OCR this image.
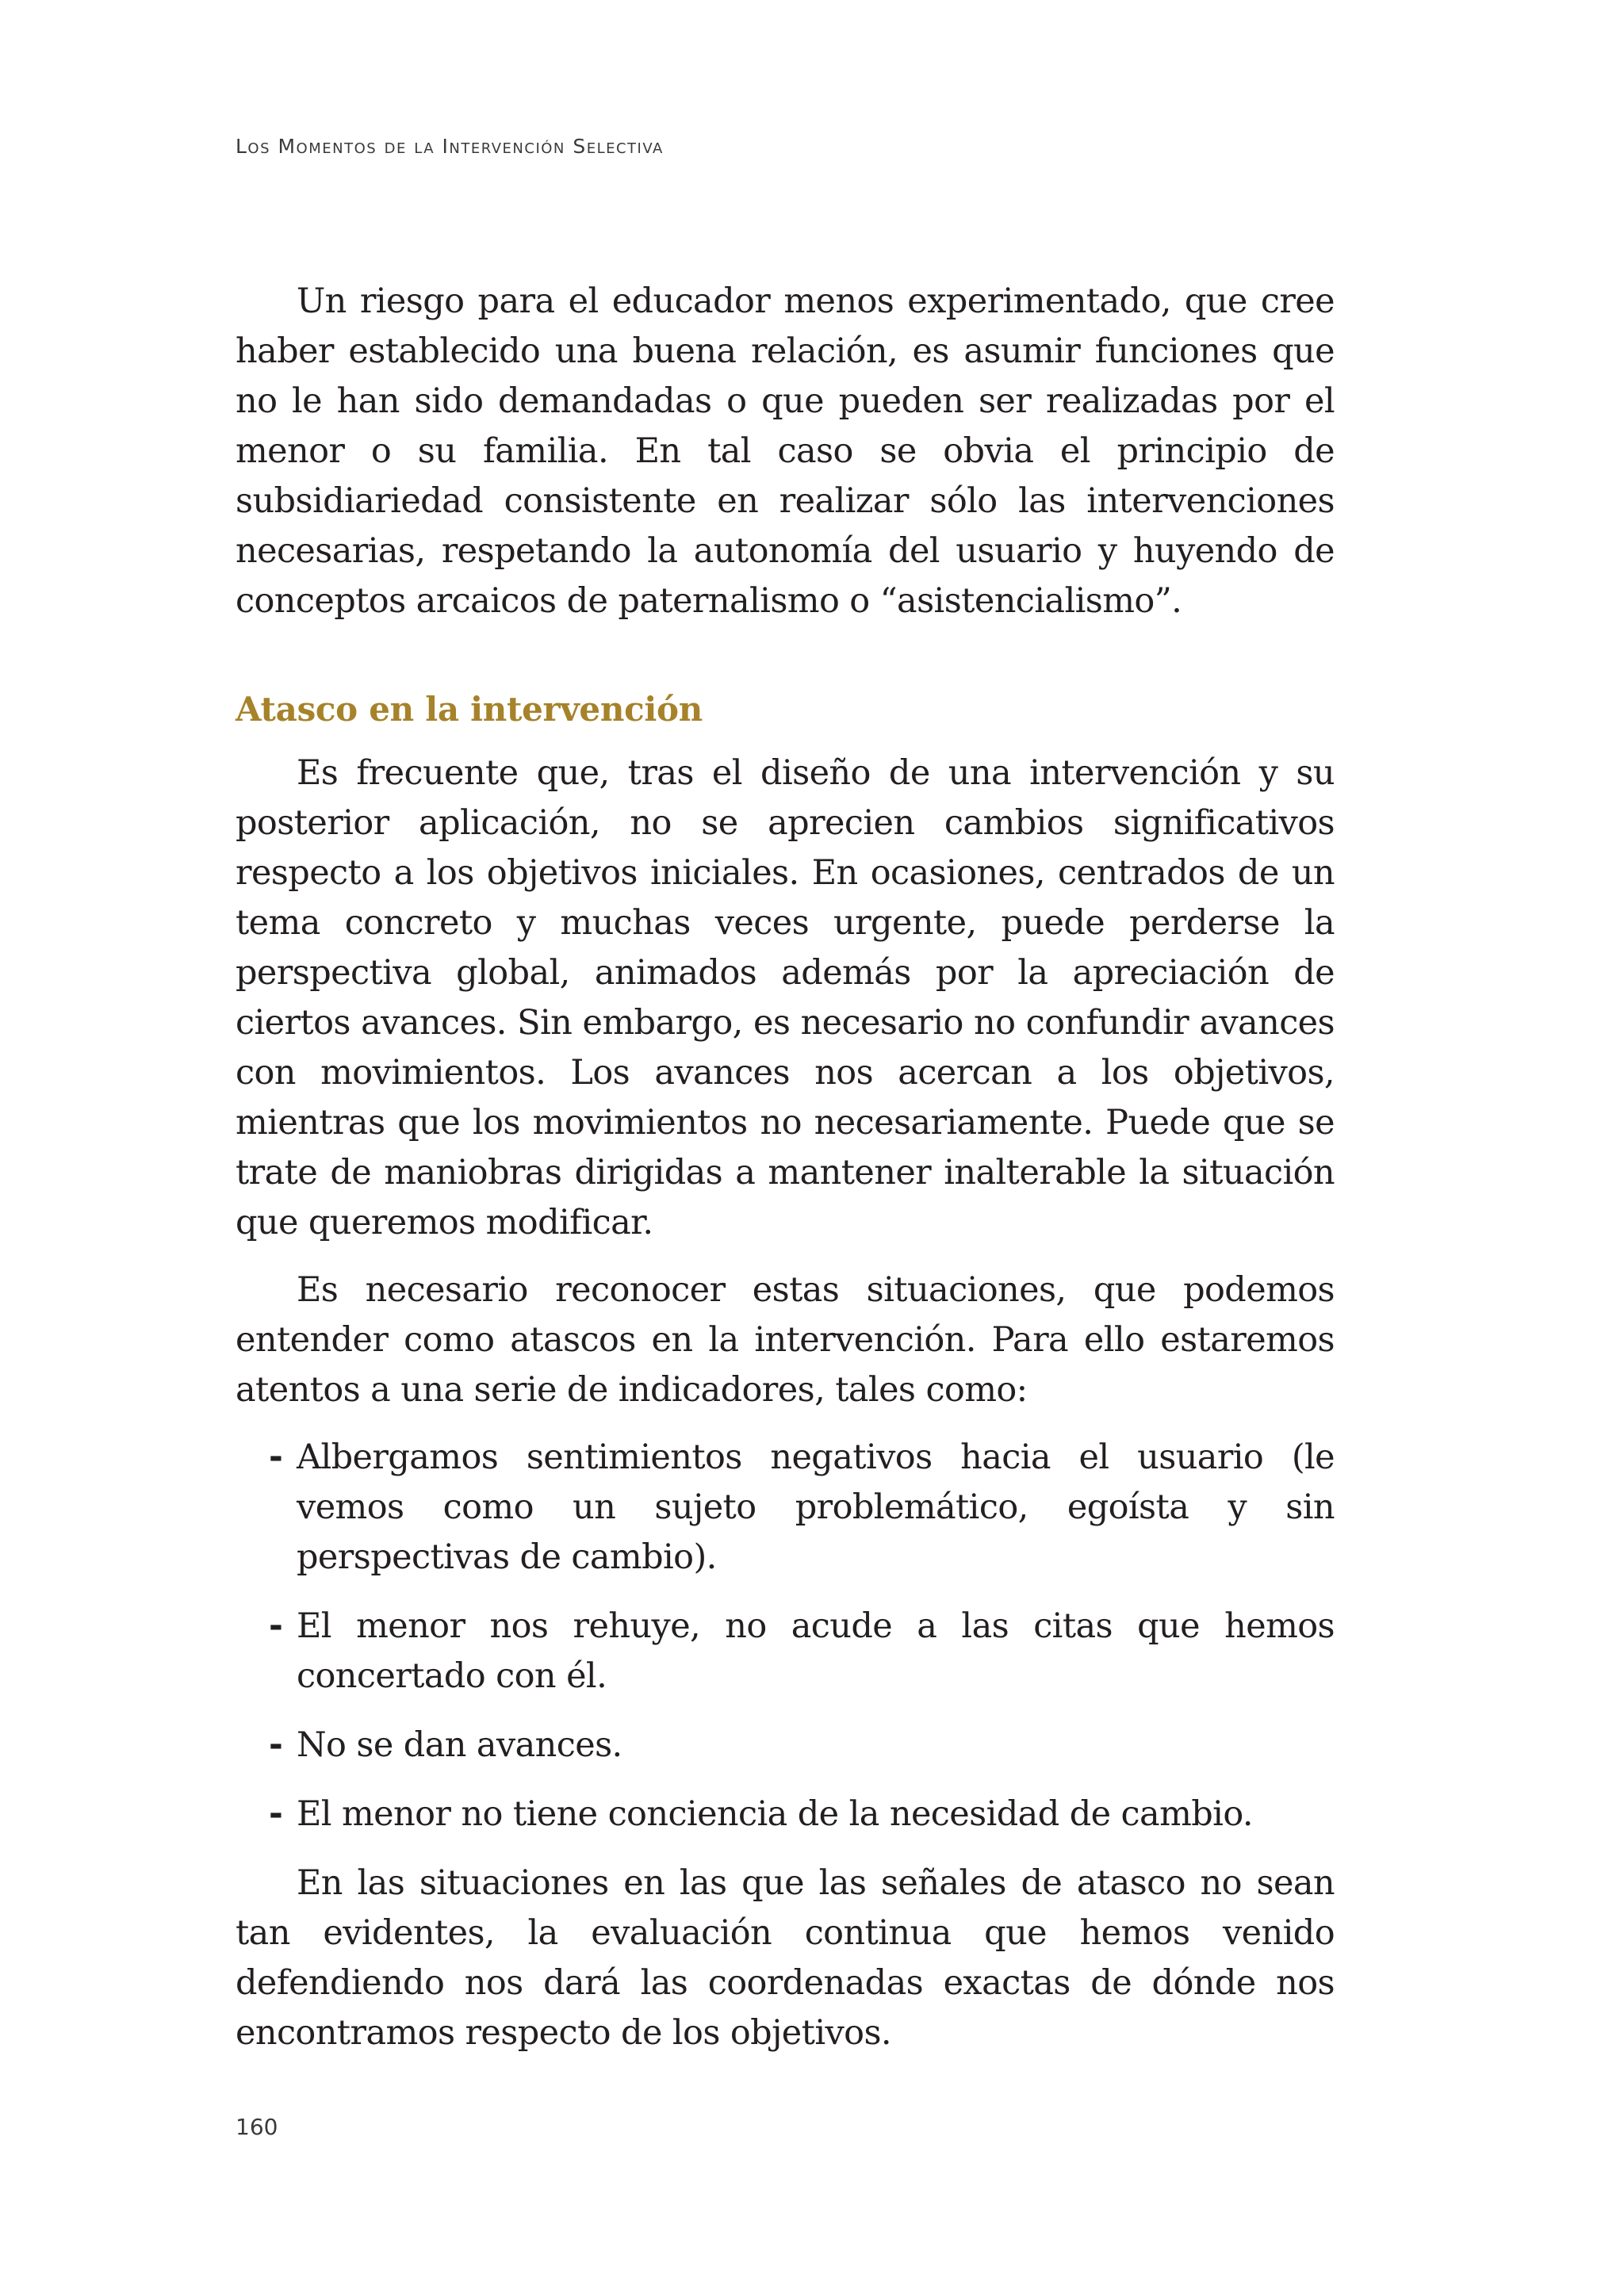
Los Momentos de la Intervención Selectiva

Un riesgo para el educador menos experimentado, que cree haber establecido una buena relación, es asumir funciones que no le han sido demandadas o que pueden ser realizadas por el menor o su familia. En tal caso se obvia el principio de subsidiariedad consistente en realizar sólo las intervenciones necesarias, respetando la autonomía del usuario y huyendo de conceptos arcaicos de paternalismo o “asistencialismo”.

Atasco en la intervención

Es frecuente que, tras el diseño de una intervención y su posterior aplicación, no se aprecien cambios significativos respecto a los objetivos iniciales. En ocasiones, centrados de un tema concreto y muchas veces urgente, puede perderse la perspectiva global, animados además por la apreciación de ciertos avances. Sin embargo, es necesario no confundir avances con movimientos. Los avances nos acercan a los objetivos, mientras que los movimientos no necesariamente. Puede que se trate de maniobras dirigidas a mantener inalterable la situación que queremos modificar.

Es necesario reconocer estas situaciones, que podemos entender como atascos en la intervención. Para ello estaremos atentos a una serie de indicadores, tales como:

- Albergamos sentimientos negativos hacia el usuario (le vemos como un sujeto problemático, egoísta y sin perspectivas de cambio).
- El menor nos rehuye, no acude a las citas que hemos concertado con él.
- No se dan avances.
- El menor no tiene conciencia de la necesidad de cambio.

En las situaciones en las que las señales de atasco no sean tan evidentes, la evaluación continua que hemos venido defendiendo nos dará las coordenadas exactas de dónde nos encontramos respecto de los objetivos.

160
